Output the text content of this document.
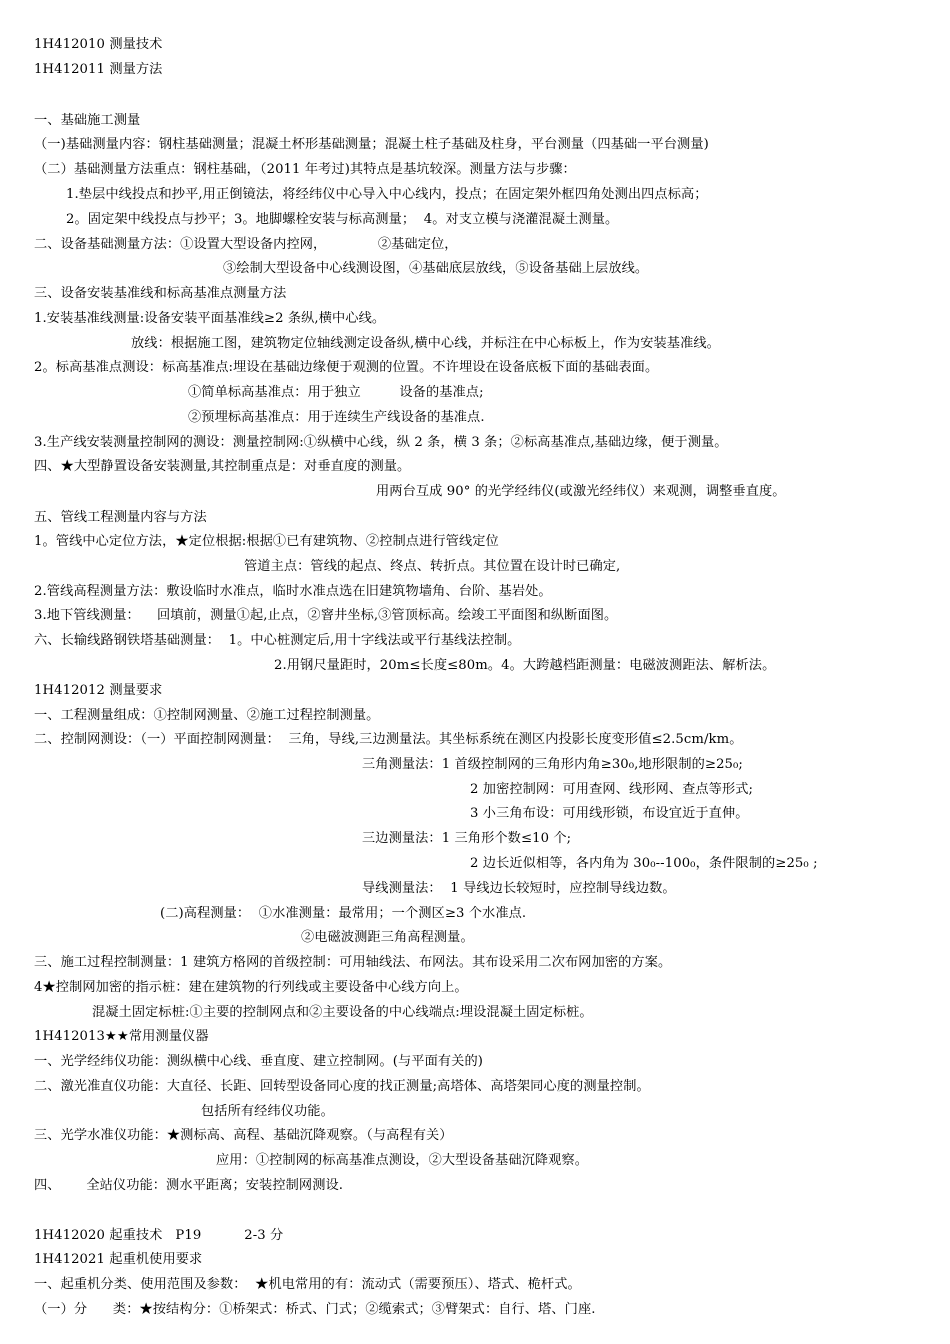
1H412010 测量技术
1H412011 测量方法
一、基础施工测量
（一)基础测量内容：钢柱基础测量；混凝土杯形基础测量；混凝土柱子基础及柱身，平台测量（四基础一平台测量)
（二）基础测量方法重点：钢柱基础，（2011 年考过)其特点是基坑较深。测量方法与步骤：
1.垫层中线投点和抄平,用正倒镜法，将经纬仪中心导入中心线内，投点；在固定架外框四角处测出四点标高；
2。固定架中线投点与抄平；3。地脚螺栓安装与标高测量；  4。对支立模与浇灌混凝土测量。
二、设备基础测量方法：①设置大型设备内控网，            ②基础定位，
③绘制大型设备中心线测设图，④基础底层放线，⑤设备基础上层放线。
三、设备安装基准线和标高基准点测量方法
1.安装基准线测量:设备安装平面基准线≥2 条纵,横中心线。
放线：根据施工图，建筑物定位轴线测定设备纵,横中心线，并标注在中心标板上，作为安装基准线。
2。标高基准点测设：标高基准点:埋设在基础边缘便于观测的位置。不许埋设在设备底板下面的基础表面。
①简单标高基准点：用于独立         设备的基准点;
②预埋标高基准点：用于连续生产线设备的基准点.
3.生产线安装测量控制网的测设：测量控制网:①纵横中心线，纵 2 条，横 3 条；②标高基准点,基础边缘，便于测量。
四、★大型静置设备安装测量,其控制重点是：对垂直度的测量。
用两台互成 90° 的光学经纬仪(或激光经纬仪）来观测，调整垂直度。
五、管线工程测量内容与方法
1。管线中心定位方法，★定位根据:根据①已有建筑物、②控制点进行管线定位
管道主点：管线的起点、终点、转折点。其位置在设计时已确定,
2.管线高程测量方法：敷设临时水准点，临时水准点选在旧建筑物墙角、台阶、基岩处。
3.地下管线测量：    回填前，测量①起,止点，②窨井坐标,③管顶标高。绘竣工平面图和纵断面图。
六、长输线路钢铁塔基础测量：  1。中心桩测定后,用十字线法或平行基线法控制。
2.用钢尺量距时，20m≤长度≤80m。4。大跨越档距测量：电磁波测距法、解析法。
1H412012 测量要求
一、工程测量组成：①控制网测量、②施工过程控制测量。
二、控制网测设：（一）平面控制网测量：  三角，导线,三边测量法。其坐标系统在测区内投影长度变形值≤2.5cm/km。
三角测量法：1 首级控制网的三角形内角≥30₀,地形限制的≥25₀;
2 加密控制网：可用查网、线形网、查点等形式;
3 小三角布设：可用线形锁，布设宜近于直伸。
三边测量法：1 三角形个数≤10 个;
2 边长近似相等，各内角为 30₀--100₀，条件限制的≥25₀ ;
导线测量法：  1 导线边长较短时，应控制导线边数。
(二)高程测量：  ①水准测量：最常用；一个测区≥3 个水准点.
②电磁波测距三角高程测量。
三、施工过程控制测量：1 建筑方格网的首级控制：可用轴线法、布网法。其布设采用二次布网加密的方案。
4★控制网加密的指示桩：建在建筑物的行列线或主要设备中心线方向上。
混凝土固定标桩:①主要的控制网点和②主要设备的中心线端点:埋设混凝土固定标桩。
1H412013★★常用测量仪器
一、光学经纬仪功能：测纵横中心线、垂直度、建立控制网。(与平面有关的)
二、激光准直仪功能：大直径、长距、回转型设备同心度的找正测量;高塔体、高塔架同心度的测量控制。
包括所有经纬仪功能。
三、光学水准仪功能：★测标高、高程、基础沉降观察。（与高程有关）
应用：①控制网的标高基准点测设，②大型设备基础沉降观察。
四、      全站仪功能：测水平距离；安装控制网测设.
1H412020 起重技术   P19          2-3 分
1H412021 起重机使用要求
一、起重机分类、使用范围及参数：  ★机电常用的有：流动式（需要预压）、塔式、桅杆式。
（一）分      类：★按结构分：①桥架式：桥式、门式；②缆索式；③臂架式：自行、塔、门座.
